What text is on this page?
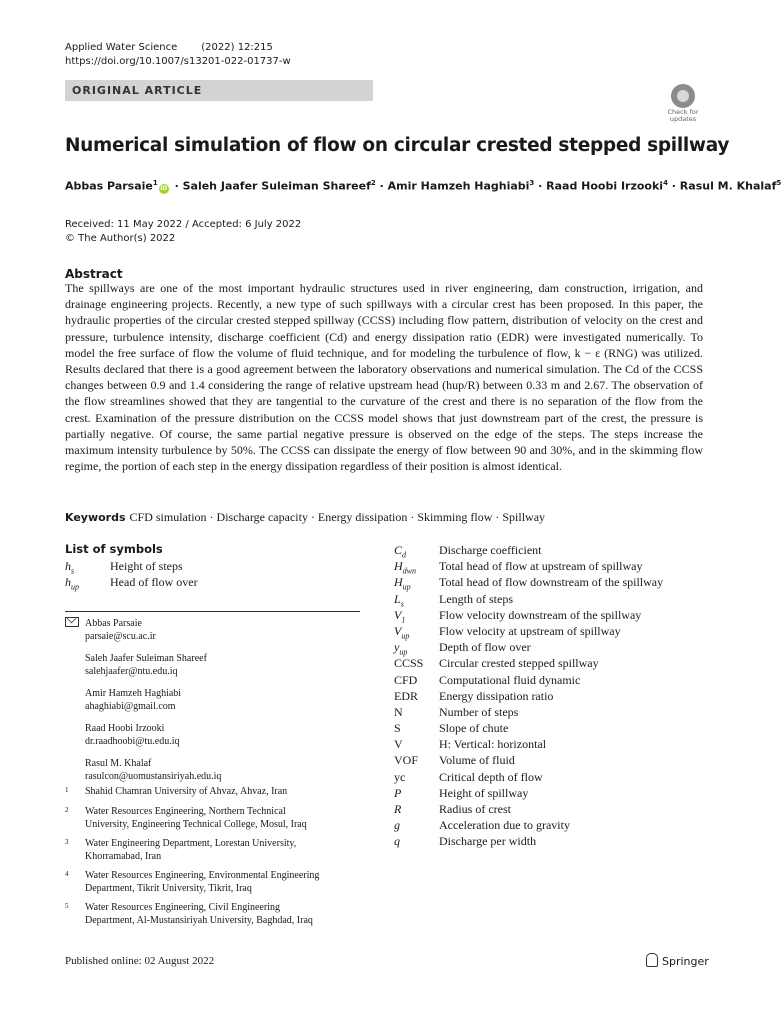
Applied Water Science (2022) 12:215
https://doi.org/10.1007/s13201-022-01737-w
ORIGINAL ARTICLE
Check for
updates
Numerical simulation of flow on circular crested stepped spillway
Abbas Parsaie$^1$iD · Saleh Jaafer Suleiman Shareef$^2$ · Amir Hamzeh Haghiabi$^3$ · Raad Hoobi Irzooki$^4$ · Rasul M. Khalaf$^5$
Received: 11 May 2022 / Accepted: 6 July 2022
© The Author(s) 2022
Abstract
The spillways are one of the most important hydraulic structures used in river engineering, dam construction, irrigation, and drainage engineering projects. Recently, a new type of such spillways with a circular crest has been proposed. In this paper, the hydraulic properties of the circular crested stepped spillway (CCSS) including flow pattern, distribution of velocity on the crest and pressure, turbulence intensity, discharge coefficient (Cd) and energy dissipation ratio (EDR) were investigated numerically. To model the free surface of flow the volume of fluid technique, and for modeling the turbulence of flow, k − ε (RNG) was utilized. Results declared that there is a good agreement between the laboratory observations and numerical simulation. The Cd of the CCSS changes between 0.9 and 1.4 considering the range of relative upstream head (hup/R) between 0.33 m and 2.67. The observation of the flow streamlines showed that they are tangential to the curvature of the crest and there is no separation of the flow from the crest. Examination of the pressure distribution on the CCSS model shows that just downstream part of the crest, the pressure is partially negative. Of course, the same partial negative pressure is observed on the edge of the steps. The steps increase the maximum intensity turbulence by 50%. The CCSS can dissipate the energy of flow between 90 and 30%, and in the skimming flow regime, the portion of each step in the energy dissipation regardless of their position is almost identical.
Keywords CFD simulation · Discharge capacity · Energy dissipation · Skimming flow · Spillway
List of symbols
$h_s$	Height of steps
$h_{up}$	Head of flow over
$C_d$	Discharge coefficient
$H_{dwn}$ Total head of flow at upstream of spillway
$H_{up}$ Total head of flow downstream of the spillway
$L_s$	Length of steps
$V_1$	Flow velocity downstream of the spillway
$V_{up}$ Flow velocity at upstream of spillway
$y_{up}$	Depth of flow over
CCSS Circular crested stepped spillway
CFD Computational fluid dynamic
EDR Energy dissipation ratio
N	Number of steps
S	Slope of chute
V	H: Vertical: horizontal
VOF Volume of fluid
yc	Critical depth of flow
P	Height of spillway
R	Radius of crest
g	Acceleration due to gravity
q	Discharge per width
Abbas Parsaie
parsaie@scu.ac.ir
Saleh Jaafer Suleiman Shareef
salehjaafer@ntu.edu.iq
Amir Hamzeh Haghiabi
ahaghiabi@gmail.com
Raad Hoobi Irzooki
dr.raadhoobi@tu.edu.iq
Rasul M. Khalaf
rasulcon@uomustansiriyah.edu.iq
1	Shahid Chamran University of Ahvaz, Ahvaz, Iran
2	Water Resources Engineering, Northern Technical
University, Engineering Technical College, Mosul, Iraq
3	Water Engineering Department, Lorestan University,
Khorramabad, Iran
4	Water Resources Engineering, Environmental Engineering
Department, Tikrit University, Tikrit, Iraq
5	Water Resources Engineering, Civil Engineering
Department, Al-Mustansiriyah University, Baghdad, Iraq
Published online: 02 August 2022	Springer
